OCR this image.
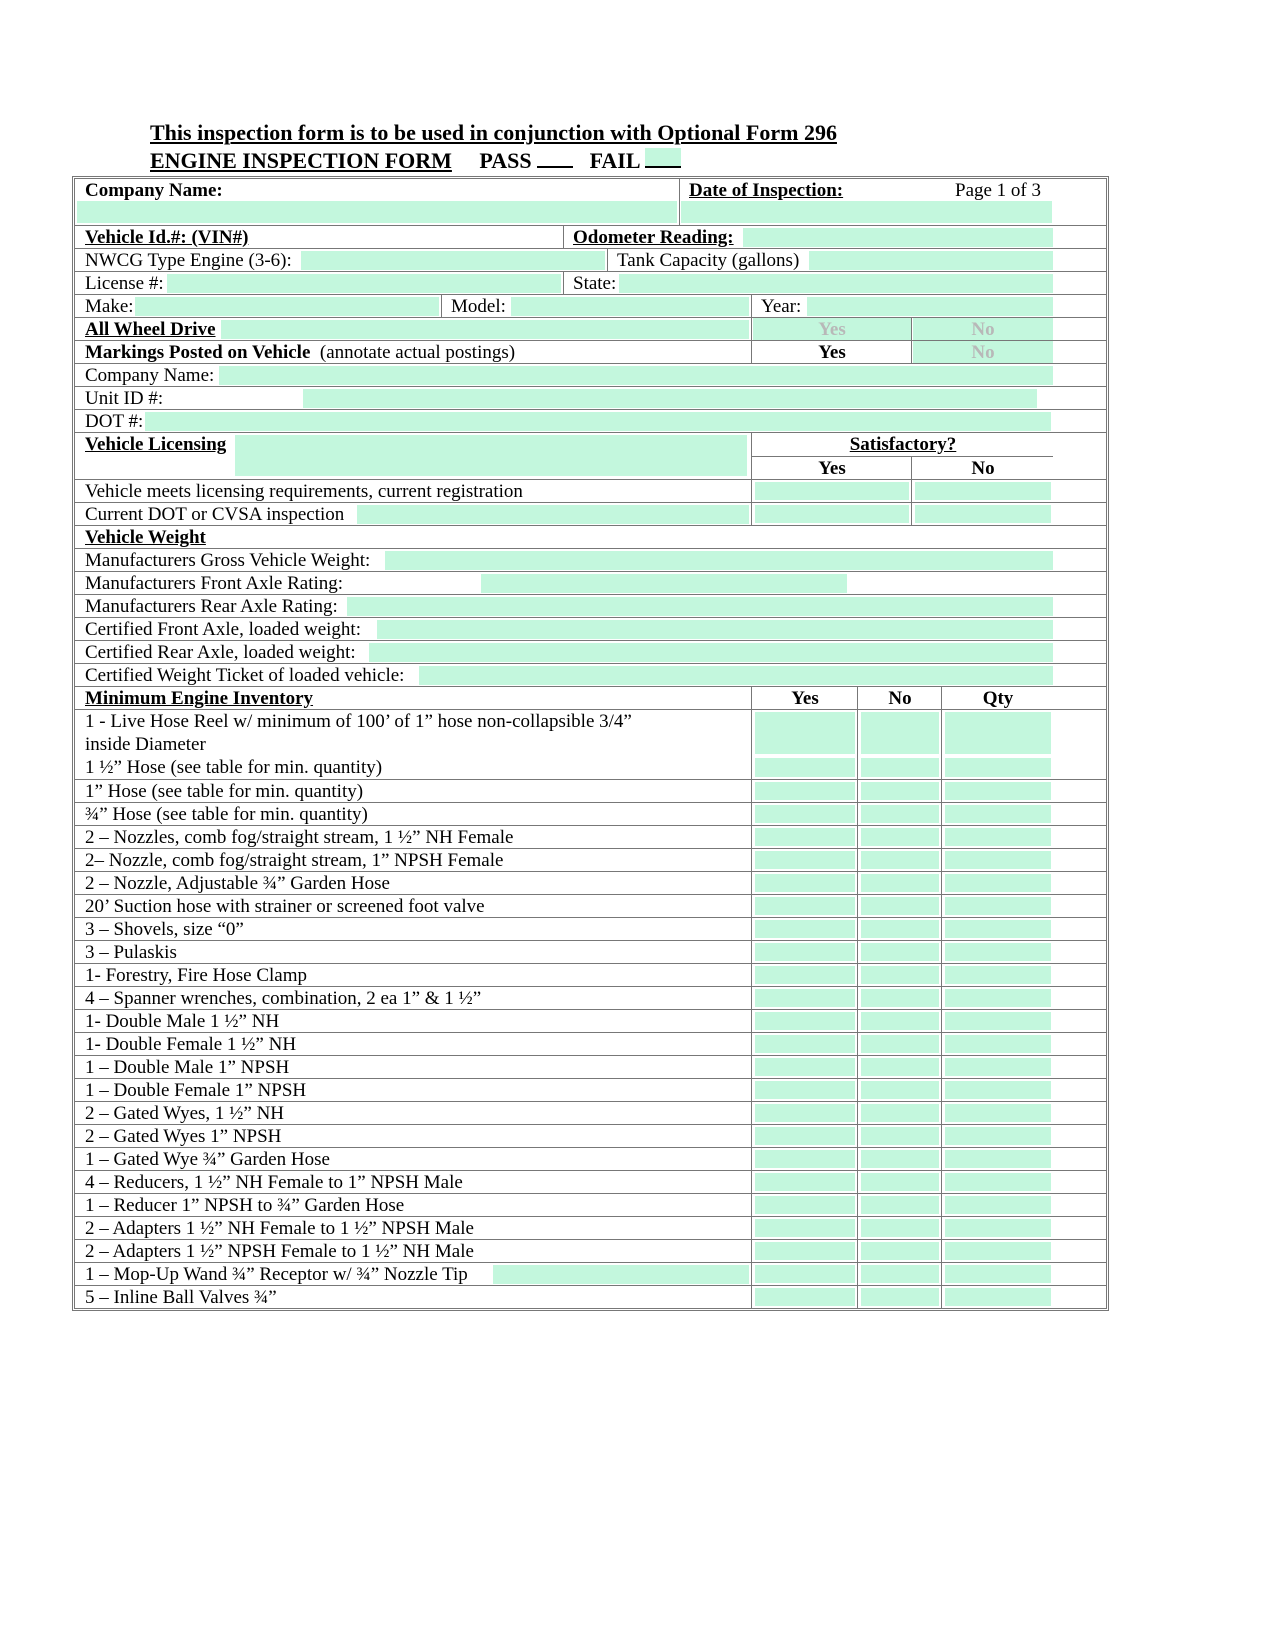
This inspection form is to be used in conjunction with Optional Form 296
ENGINE INSPECTION FORM PASS	FAIL
Company Name:	Date of Inspection:	Page 1 of 3
Vehicle Id.#: (VIN#)	Odometer Reading:
NWCG Type Engine (3-6):	Tank Capacity (gallons)
License #:	State:
Make:	Model:	Year:
All Wheel Drive	Yes	No
Markings Posted on Vehicle (annotate actual postings)	Yes	No
Company Name:
Unit ID #:
DOT #:
Vehicle Licensing	Satisfactory?
Yes	No
Vehicle meets licensing requirements, current registration
Current DOT or CVSA inspection
Vehicle Weight
Manufacturers Gross Vehicle Weight:
Manufacturers Front Axle Rating:
Manufacturers Rear Axle Rating:
Certified Front Axle, loaded weight:
Certified Rear Axle, loaded weight:
Certified Weight Ticket of loaded vehicle:
Minimum Engine Inventory	Yes	No	Qty
1 - Live Hose Reel w/ minimum of 100’ of 1” hose non-collapsible 3/4”
inside Diameter
1 ½” Hose (see table for min. quantity)
1” Hose (see table for min. quantity)
¾” Hose (see table for min. quantity)
2 – Nozzles, comb fog/straight stream, 1 ½” NH Female
2– Nozzle, comb fog/straight stream, 1” NPSH Female
2 – Nozzle, Adjustable ¾” Garden Hose
20’ Suction hose with strainer or screened foot valve
3 – Shovels, size “0”
3 – Pulaskis
1- Forestry, Fire Hose Clamp
4 – Spanner wrenches, combination, 2 ea 1” & 1 ½”
1- Double Male 1 ½” NH
1- Double Female 1 ½” NH
1 – Double Male 1” NPSH
1 – Double Female 1” NPSH
2 – Gated Wyes, 1 ½” NH
2 – Gated Wyes 1” NPSH
1 – Gated Wye ¾” Garden Hose
4 – Reducers, 1 ½” NH Female to 1” NPSH Male
1 – Reducer 1” NPSH to ¾” Garden Hose
2 – Adapters 1 ½” NH Female to 1 ½” NPSH Male
2 – Adapters 1 ½” NPSH Female to 1 ½” NH Male
1 – Mop-Up Wand ¾” Receptor w/ ¾” Nozzle Tip
5 – Inline Ball Valves ¾”
